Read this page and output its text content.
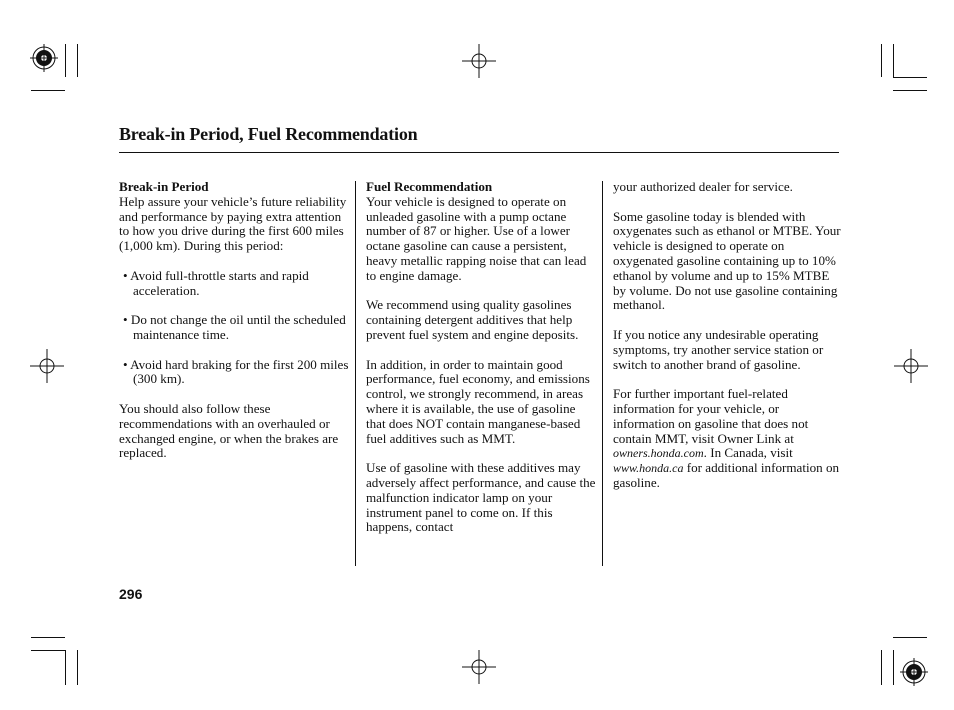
Break-in Period, Fuel Recommendation

Break-in Period

Help assure your vehicle’s future reliability and performance by paying extra attention to how you drive during the first 600 miles (1,000 km). During this period:

• Avoid full-throttle starts and rapid acceleration.

• Do not change the oil until the scheduled maintenance time.

• Avoid hard braking for the first 200 miles (300 km).

You should also follow these recommendations with an overhauled or exchanged engine, or when the brakes are replaced.

Fuel Recommendation

Your vehicle is designed to operate on unleaded gasoline with a pump octane number of 87 or higher. Use of a lower octane gasoline can cause a persistent, heavy metallic rapping noise that can lead to engine damage.

We recommend using quality gasolines containing detergent additives that help prevent fuel system and engine deposits.

In addition, in order to maintain good performance, fuel economy, and emissions control, we strongly recommend, in areas where it is available, the use of gasoline that does NOT contain manganese-based fuel additives such as MMT.

Use of gasoline with these additives may adversely affect performance, and cause the malfunction indicator lamp on your instrument panel to come on. If this happens, contact

your authorized dealer for service.

Some gasoline today is blended with oxygenates such as ethanol or MTBE. Your vehicle is designed to operate on oxygenated gasoline containing up to 10% ethanol by volume and up to 15% MTBE by volume. Do not use gasoline containing methanol.

If you notice any undesirable operating symptoms, try another service station or switch to another brand of gasoline.

For further important fuel-related information for your vehicle, or information on gasoline that does not contain MMT, visit Owner Link at owners.honda.com. In Canada, visit www.honda.ca for additional information on gasoline.

296
